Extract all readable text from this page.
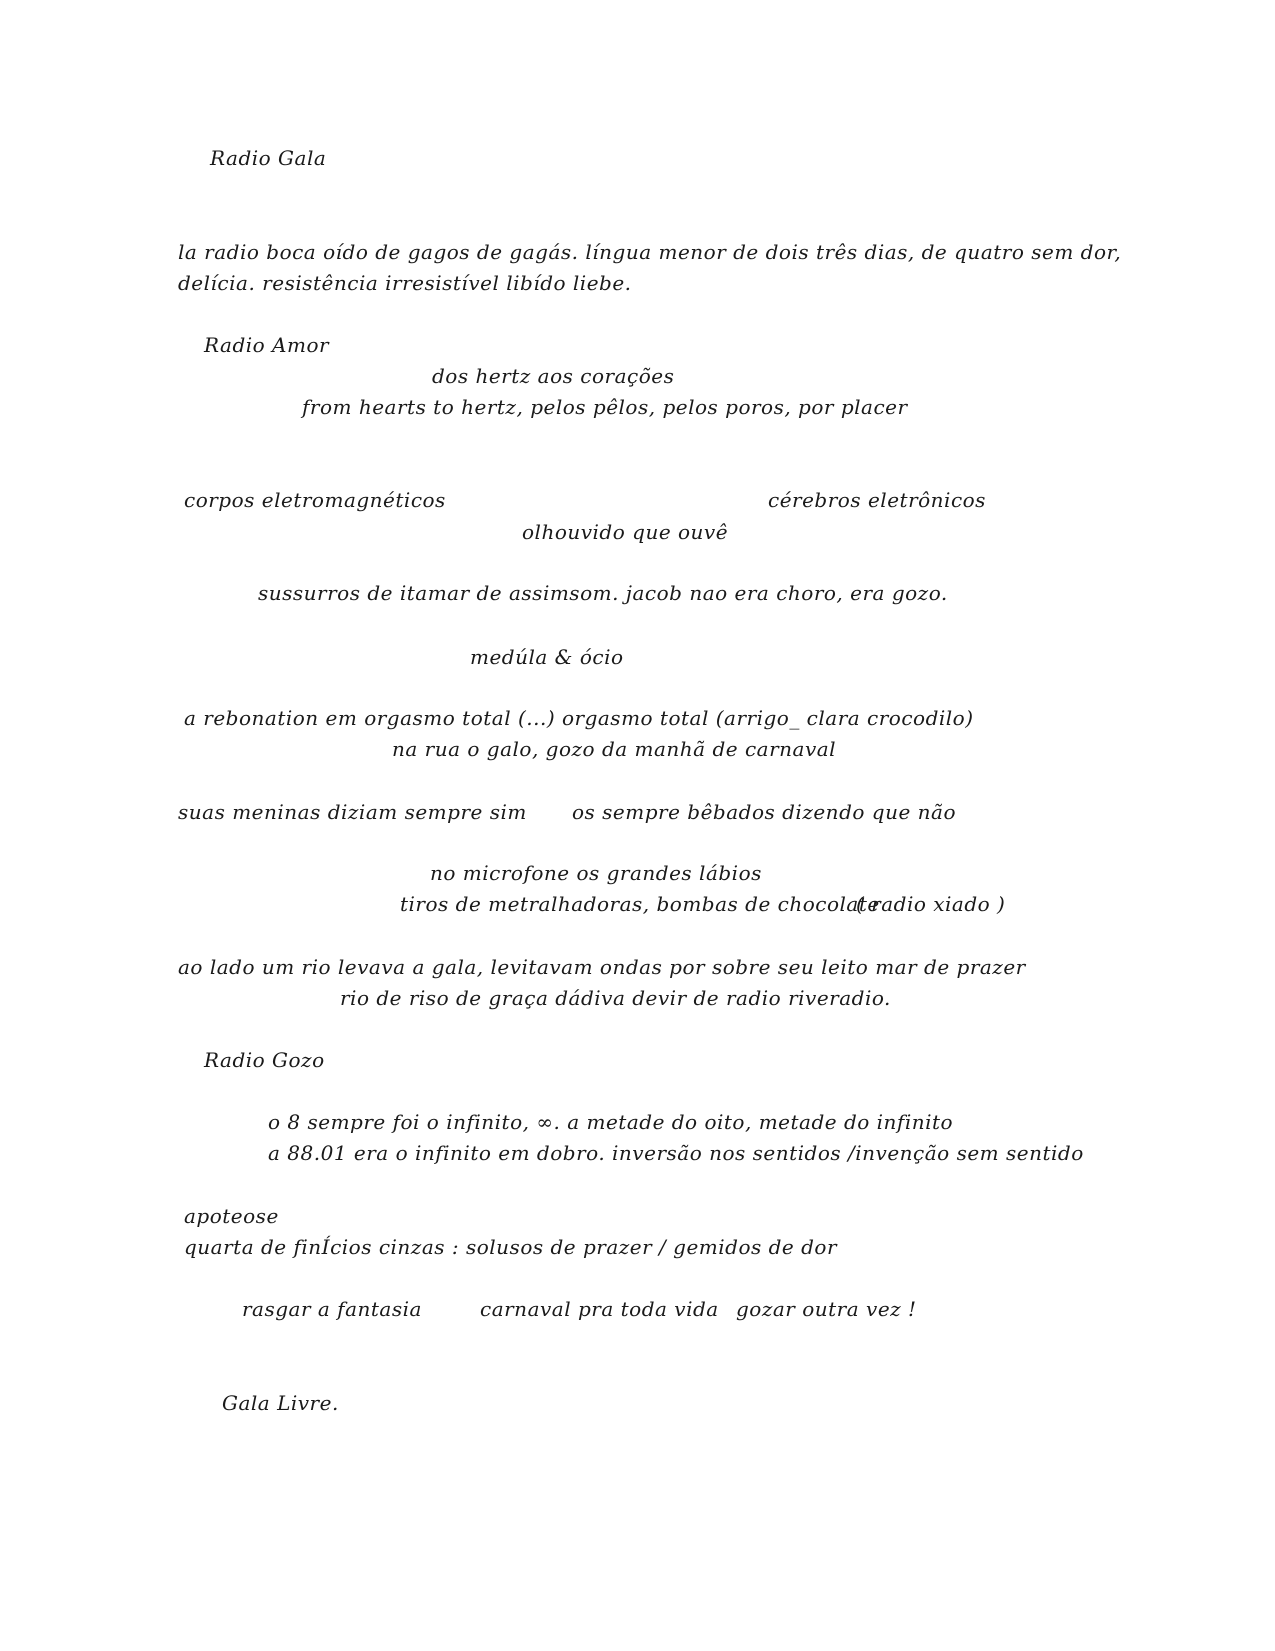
Radio Gala
la radio boca oído de gagos de gagás. língua menor de dois três dias, de quatro sem dor,
delícia. resistência irresistível libído liebe.
Radio Amor
dos hertz aos corações
from hearts to hertz, pelos pêlos, pelos poros, por placer
corpos eletromagnéticos	cérebros eletrônicos
olhouvido que ouvê
sussurros de itamar de assimsom. jacob nao era choro, era gozo.
medúla & ócio
a rebonation em orgasmo total (...) orgasmo total (arrigo_ clara crocodilo)
na rua o galo, gozo da manhã de carnaval
suas meninas diziam sempre sim os sempre bêbados dizendo que não
no microfone os grandes lábios
tiros de metralhadoras, bombas de chocolate
( radio xiado )
ao lado um rio levava a gala, levitavam ondas por sobre seu leito mar de prazer
rio de riso de graça dádiva devir de radio riveradio.
Radio Gozo
o 8 sempre foi o infinito, ∞. a metade do oito, metade do infinito
a 88.01 era o infinito em dobro. inversão nos sentidos /invenção sem sentido
apoteose
quarta de finÍcios cinzas : solusos de prazer / gemidos de dor
rasgar a fantasia	carnaval pra toda vida gozar outra vez !
Gala Livre.
